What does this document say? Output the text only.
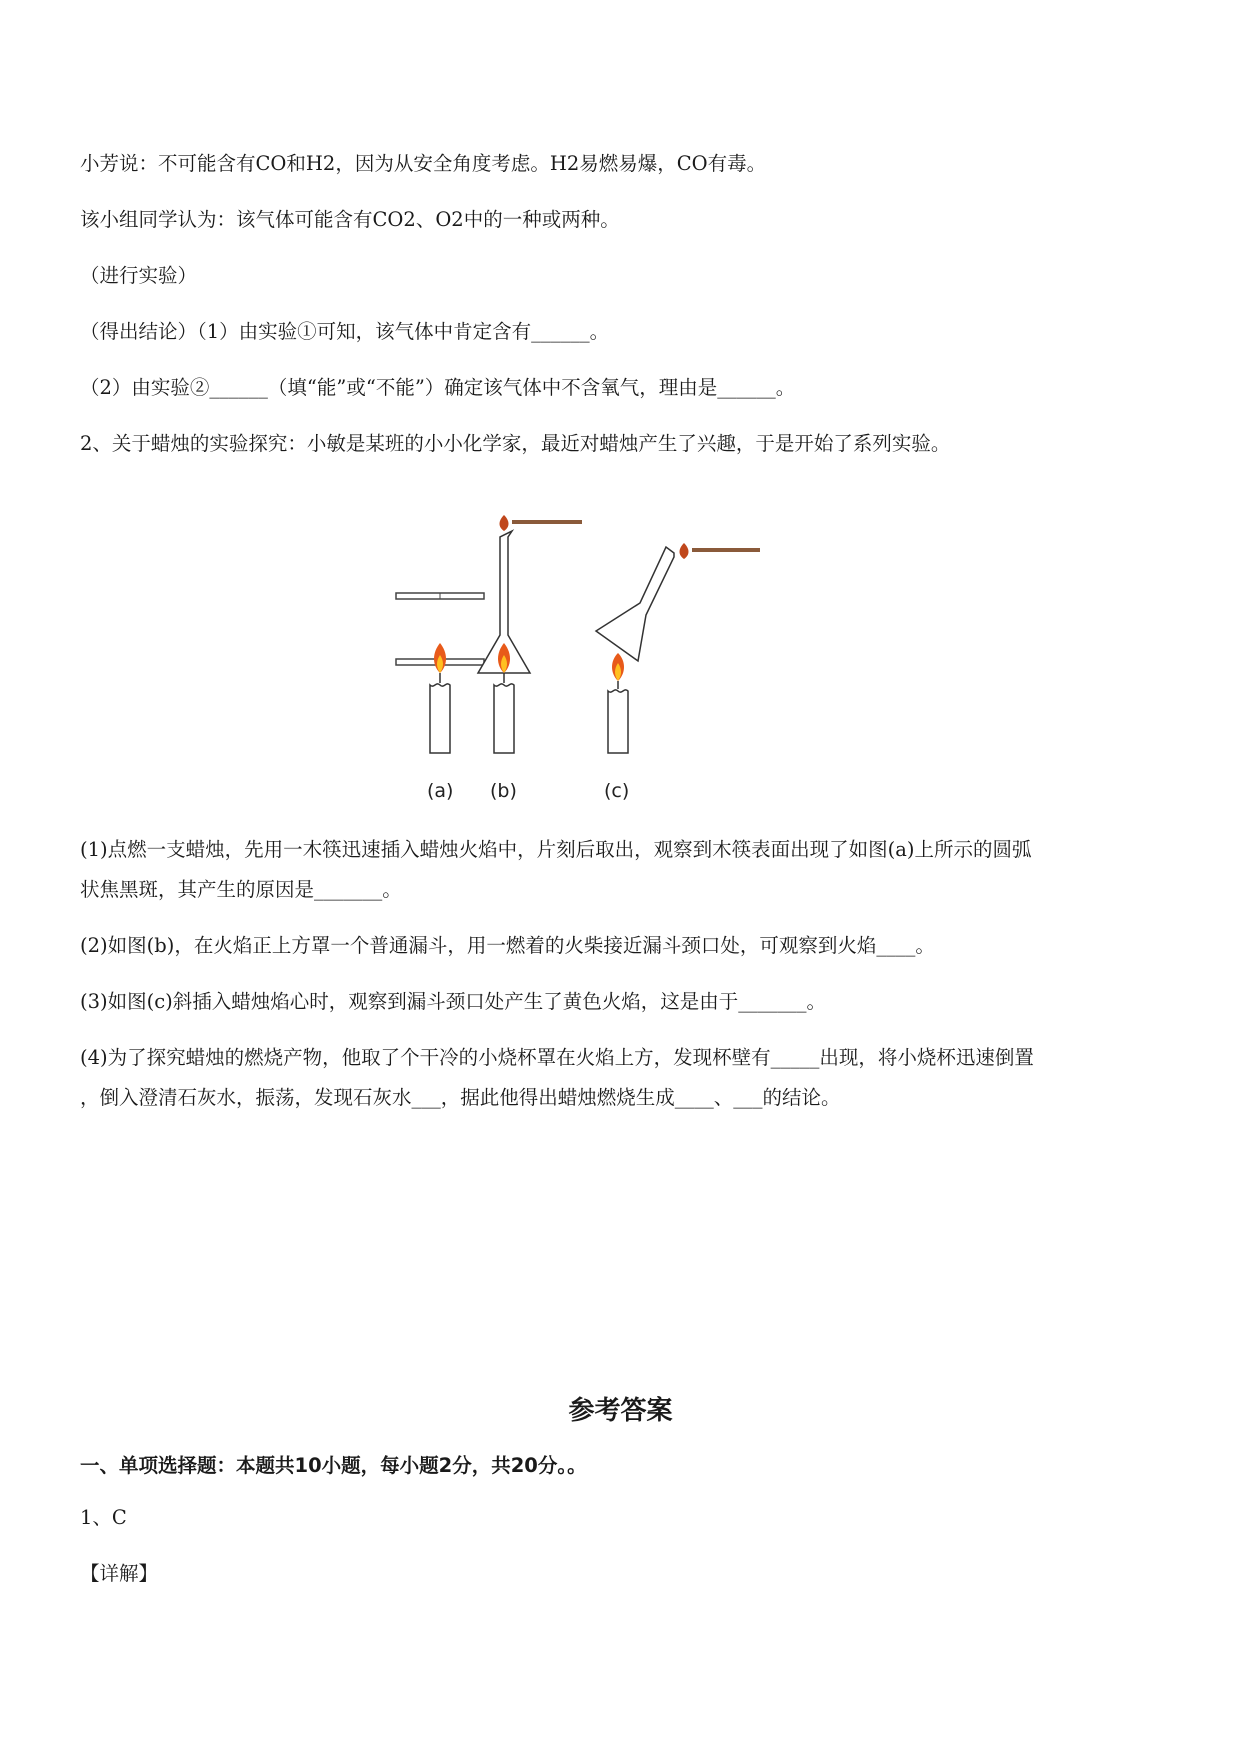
小芳说：不可能含有CO和H2，因为从安全角度考虑。H2易燃易爆，CO有毒。
该小组同学认为：该气体可能含有CO2、O2中的一种或两种。
（进行实验）
（得出结论）（1）由实验①可知，该气体中肯定含有______。
（2）由实验②______（填“能”或“不能”）确定该气体中不含氧气，理由是______。
2、关于蜡烛的实验探究：小敏是某班的小小化学家，最近对蜡烛产生了兴趣，于是开始了系列实验。
(a) (b)	(c)
(1)点燃一支蜡烛，先用一木筷迅速插入蜡烛火焰中，片刻后取出，观察到木筷表面出现了如图(a)上所示的圆弧
状焦黑斑，其产生的原因是_______。
(2)如图(b)，在火焰正上方罩一个普通漏斗，用一燃着的火柴接近漏斗颈口处，可观察到火焰____。
(3)如图(c)斜插入蜡烛焰心时，观察到漏斗颈口处产生了黄色火焰，这是由于_______。
(4)为了探究蜡烛的燃烧产物，他取了个干冷的小烧杯罩在火焰上方，发现杯壁有_____出现，将小烧杯迅速倒置
，倒入澄清石灰水，振荡，发现石灰水___，据此他得出蜡烛燃烧生成____、___的结论。
参考答案
一、单项选择题：本题共10小题，每小题2分，共20分。。
1、C
【详解】
